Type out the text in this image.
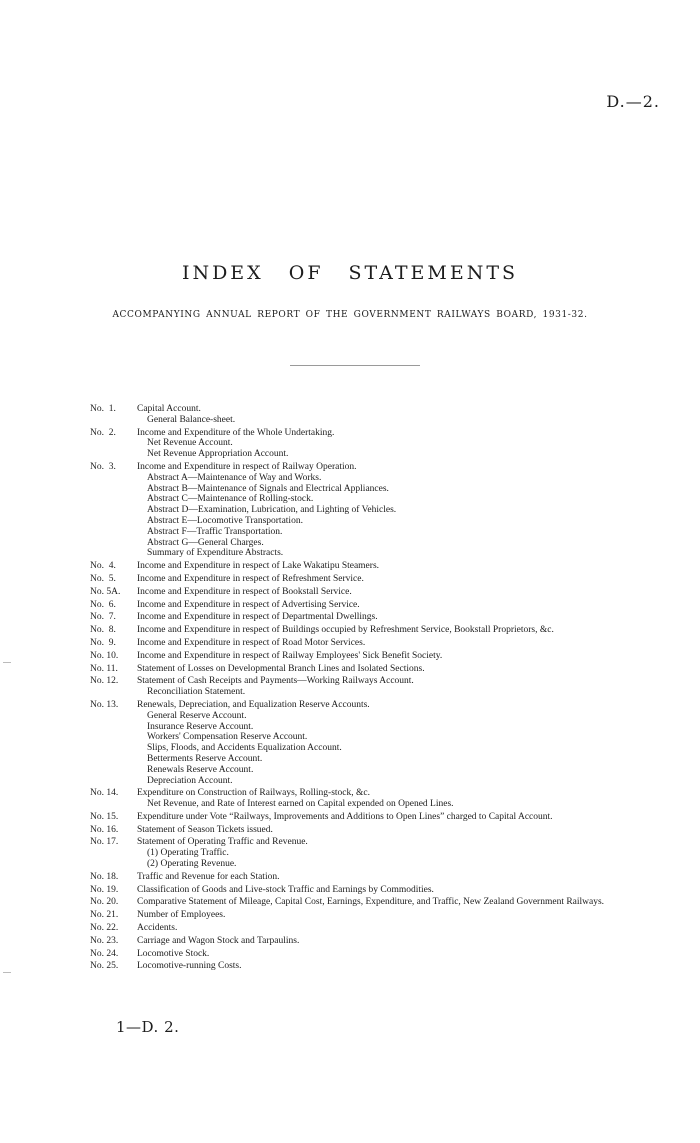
D.—2.
INDEX OF STATEMENTS
ACCOMPANYING ANNUAL REPORT OF THE GOVERNMENT RAILWAYS BOARD, 1931-32.
No.  1.	Capital Account.
General Balance-sheet.
No.  2.	Income and Expenditure of the Whole Undertaking.
Net Revenue Account.
Net Revenue Appropriation Account.
No.  3.	Income and Expenditure in respect of Railway Operation.
Abstract A—Maintenance of Way and Works.
Abstract B—Maintenance of Signals and Electrical Appliances.
Abstract C—Maintenance of Rolling-stock.
Abstract D—Examination, Lubrication, and Lighting of Vehicles.
Abstract E—Locomotive Transportation.
Abstract F—Traffic Transportation.
Abstract G—General Charges.
Summary of Expenditure Abstracts.
No.  4.	Income and Expenditure in respect of Lake Wakatipu Steamers.
No.  5.	Income and Expenditure in respect of Refreshment Service.
No. 5A.	Income and Expenditure in respect of Bookstall Service.
No.  6.	Income and Expenditure in respect of Advertising Service.
No.  7.	Income and Expenditure in respect of Departmental Dwellings.
No.  8.	Income and Expenditure in respect of Buildings occupied by Refreshment Service, Bookstall Proprietors, &c.
No.  9.	Income and Expenditure in respect of Road Motor Services.
No. 10.	Income and Expenditure in respect of Railway Employees' Sick Benefit Society.
No. 11.	Statement of Losses on Developmental Branch Lines and Isolated Sections.
No. 12.	Statement of Cash Receipts and Payments—Working Railways Account.
Reconciliation Statement.
No. 13.	Renewals, Depreciation, and Equalization Reserve Accounts.
General Reserve Account.
Insurance Reserve Account.
Workers' Compensation Reserve Account.
Slips, Floods, and Accidents Equalization Account.
Betterments Reserve Account.
Renewals Reserve Account.
Depreciation Account.
No. 14.	Expenditure on Construction of Railways, Rolling-stock, &c.
Net Revenue, and Rate of Interest earned on Capital expended on Opened Lines.
No. 15.	Expenditure under Vote “Railways, Improvements and Additions to Open Lines” charged to Capital Account.
No. 16.	Statement of Season Tickets issued.
No. 17.	Statement of Operating Traffic and Revenue.
(1) Operating Traffic.
(2) Operating Revenue.
No. 18.	Traffic and Revenue for each Station.
No. 19.	Classification of Goods and Live-stock Traffic and Earnings by Commodities.
No. 20.	Comparative Statement of Mileage, Capital Cost, Earnings, Expenditure, and Traffic, New Zealand Government Railways.
No. 21.	Number of Employees.
No. 22.	Accidents.
No. 23.	Carriage and Wagon Stock and Tarpaulins.
No. 24.	Locomotive Stock.
No. 25.	Locomotive-running Costs.
1—D. 2.
